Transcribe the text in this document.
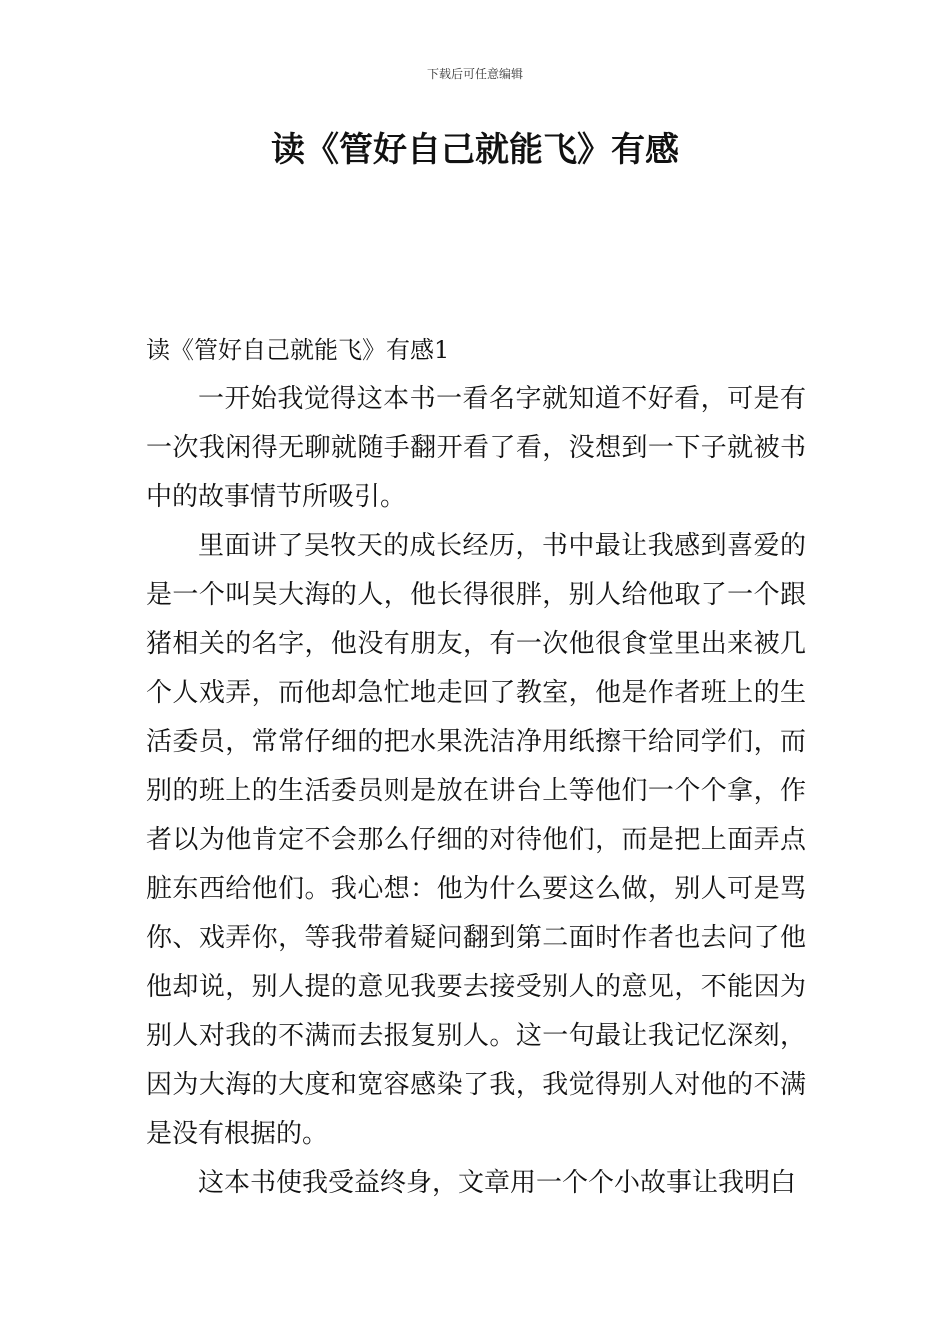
下载后可任意编辑
读《管好自己就能飞》有感
读《管好自己就能飞》有感1

一开始我觉得这本书一看名字就知道不好看，可是有一次我闲得无聊就随手翻开看了看，没想到一下子就被书中的故事情节所吸引。

里面讲了吴牧天的成长经历，书中最让我感到喜爱的是一个叫吴大海的人，他长得很胖，别人给他取了一个跟猪相关的名字，他没有朋友，有一次他很食堂里出来被几个人戏弄，而他却急忙地走回了教室，他是作者班上的生活委员，常常仔细的把水果洗洁净用纸擦干给同学们，而别的班上的生活委员则是放在讲台上等他们一个个拿，作者以为他肯定不会那么仔细的对待他们，而是把上面弄点脏东西给他们。我心想：他为什么要这么做，别人可是骂你、戏弄你，等我带着疑问翻到第二面时作者也去问了他他却说，别人提的意见我要去接受别人的意见，不能因为别人对我的不满而去报复别人。这一句最让我记忆深刻，因为大海的大度和宽容感染了我，我觉得别人对他的不满是没有根据的。

这本书使我受益终身，文章用一个个小故事让我明白
